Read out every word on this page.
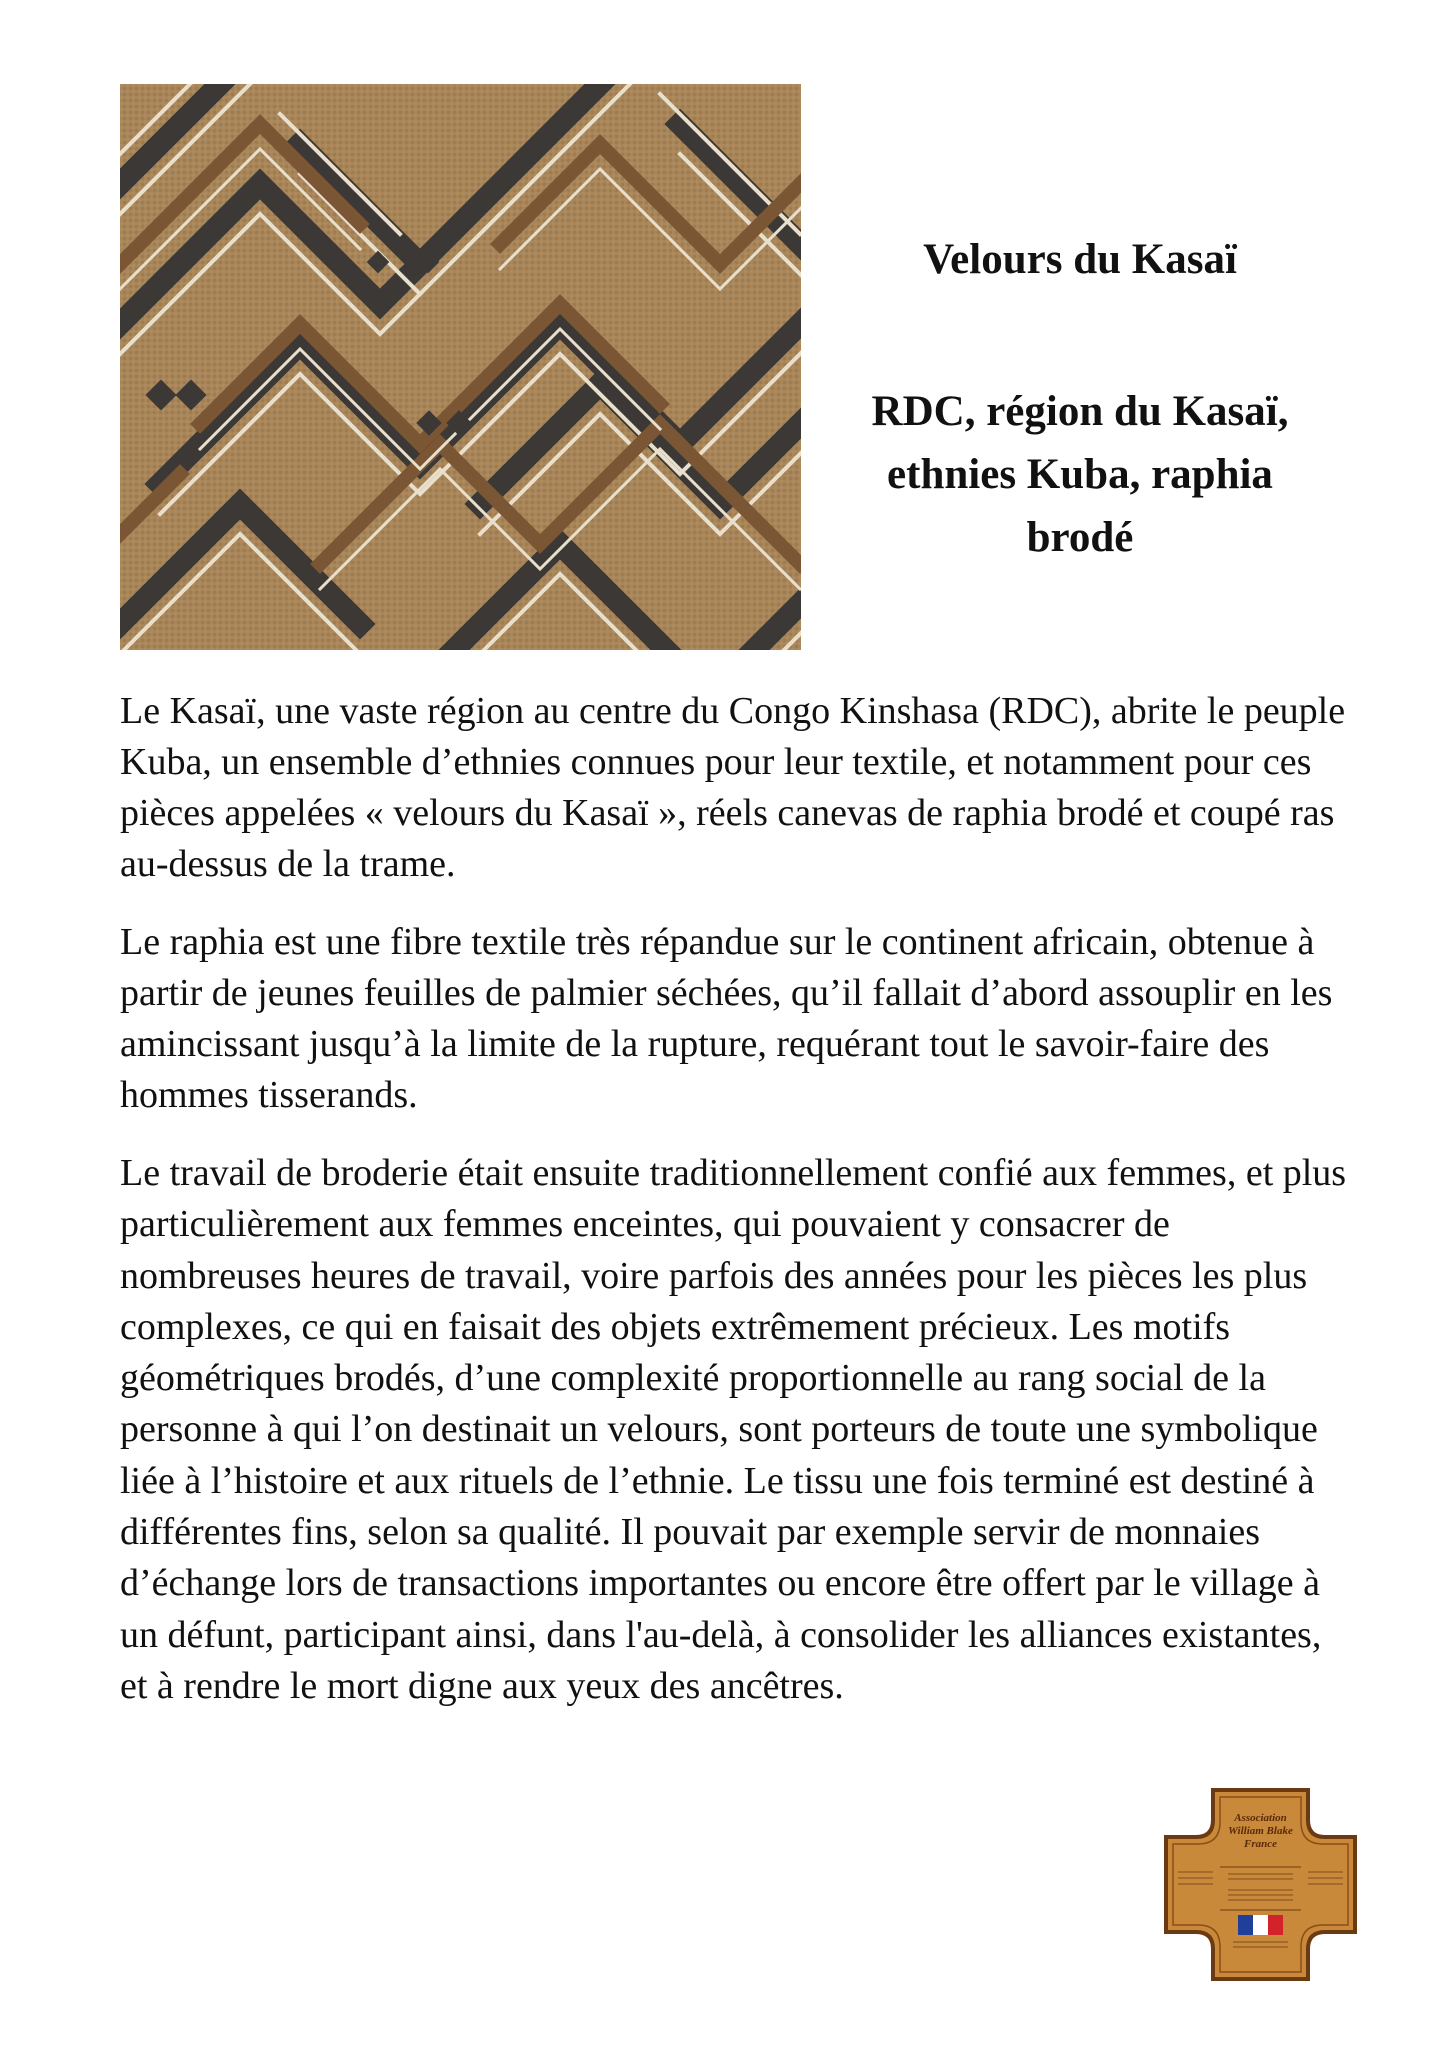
Velours du Kasaï
RDC, région du Kasaï,
ethnies Kuba, raphia
brodé

Le Kasaï, une vaste région au centre du Congo Kinshasa (RDC), abrite le peuple Kuba, un ensemble d’ethnies connues pour leur textile, et notamment pour ces pièces appelées « velours du Kasaï », réels canevas de raphia brodé et coupé ras au-dessus de la trame.

Le raphia est une fibre textile très répandue sur le continent africain, obtenue à partir de jeunes feuilles de palmier séchées, qu’il fallait d’abord assouplir en les amincissant jusqu’à la limite de la rupture, requérant tout le savoir-faire des hommes tisserands.

Le travail de broderie était ensuite traditionnellement confié aux femmes, et plus particulièrement aux femmes enceintes, qui pouvaient y consacrer de nombreuses heures de travail, voire parfois des années pour les pièces les plus complexes, ce qui en faisait des objets extrêmement précieux. Les motifs géométriques brodés, d’une complexité proportionnelle au rang social de la personne à qui l’on destinait un velours, sont porteurs de toute une symbolique liée à l’histoire et aux rituels de l’ethnie. Le tissu une fois terminé est destiné à différentes fins, selon sa qualité. Il pouvait par exemple servir de monnaies d’échange lors de transactions importantes ou encore être offert par le village à un défunt, participant ainsi, dans l'au-delà, à consolider les alliances existantes, et à rendre le mort digne aux yeux des ancêtres.

Association
William Blake
France
